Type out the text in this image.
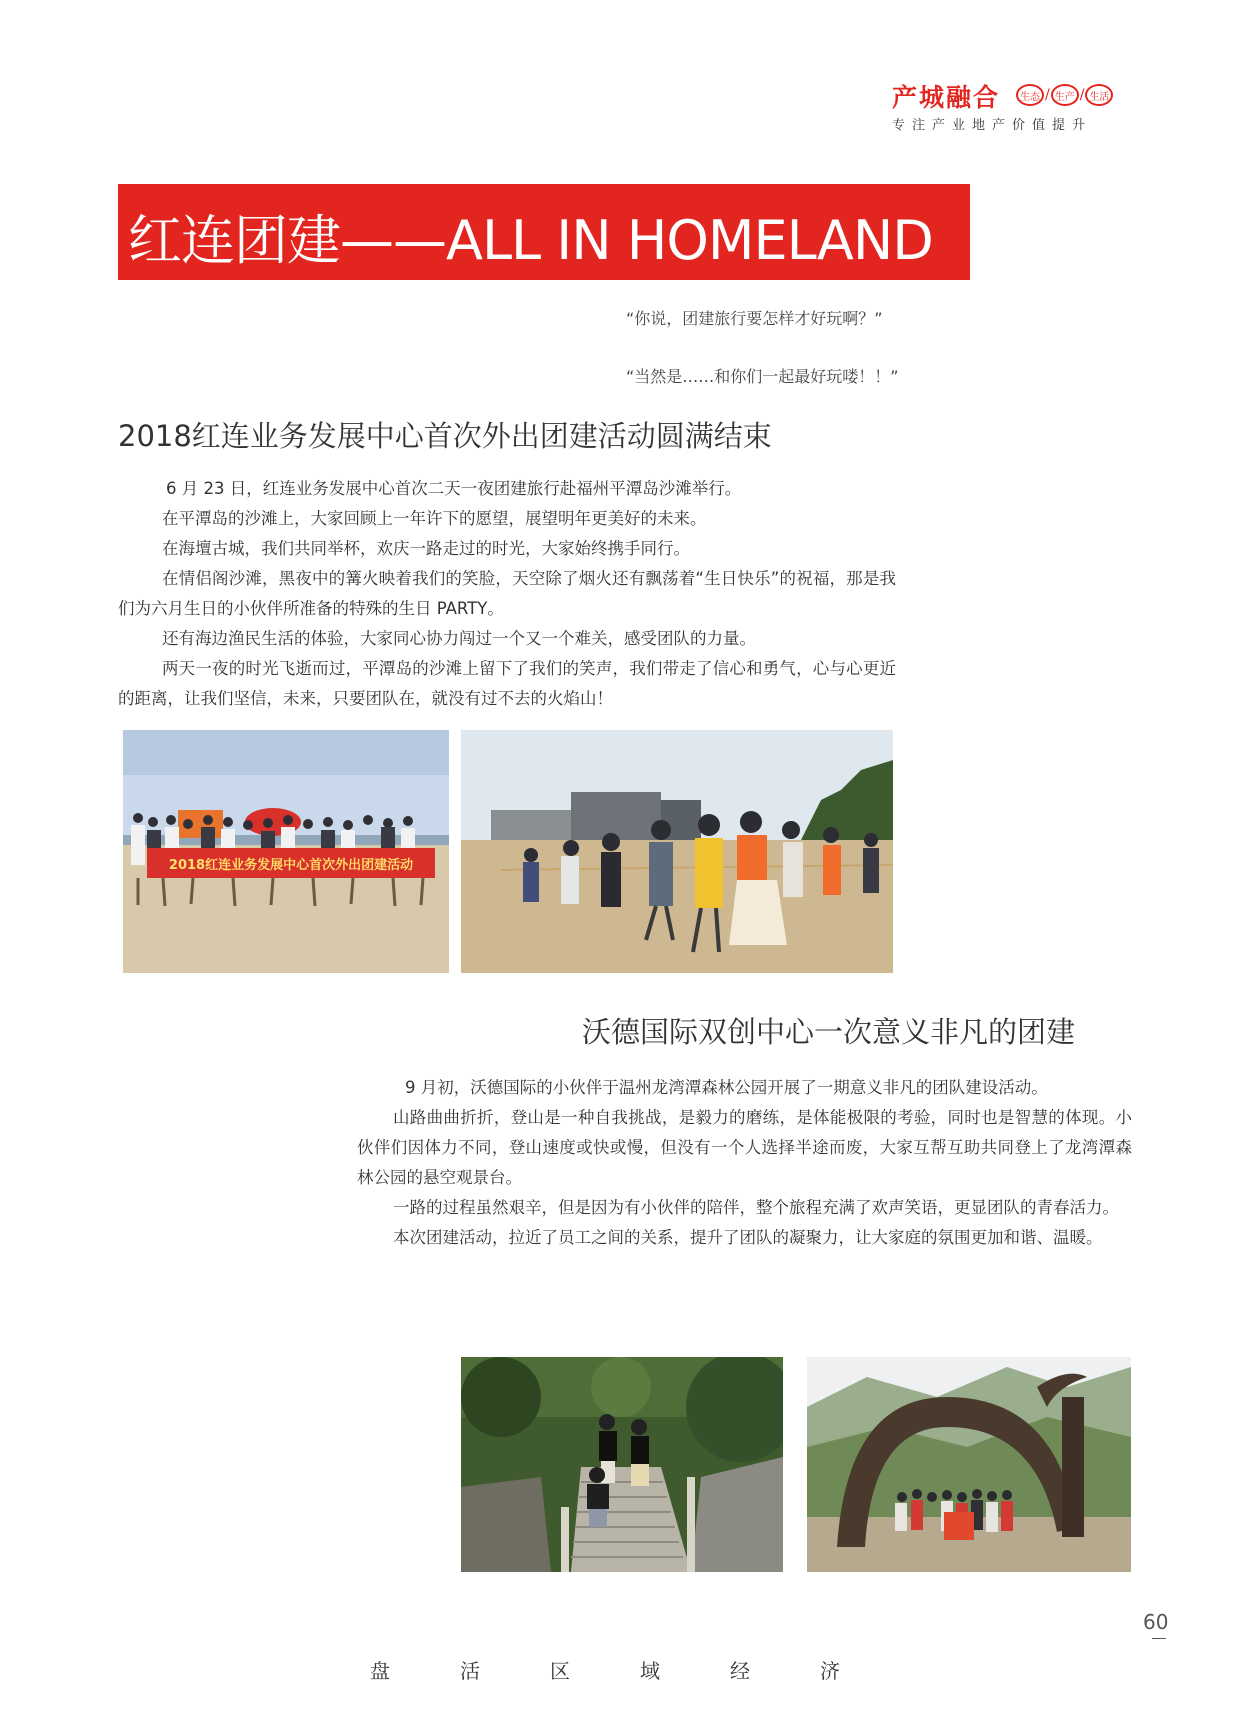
产城融合	生态 / 生产 / 生活
专注产业地产价值提升
红连团建——ALL IN HOMELAND
“你说，团建旅行要怎样才好玩啊？”
“当然是……和你们一起最好玩喽！！”
2018红连业务发展中心首次外出团建活动圆满结束

6 月 23 日，红连业务发展中心首次二天一夜团建旅行赴福州平潭岛沙滩举行。

在平潭岛的沙滩上，大家回顾上一年许下的愿望，展望明年更美好的未来。

在海壇古城，我们共同举杯，欢庆一路走过的时光，大家始终携手同行。

在情侣阁沙滩，黑夜中的篝火映着我们的笑脸，天空除了烟火还有飘荡着“生日快乐”的祝福，那是我们为六月生日的小伙伴所准备的特殊的生日 PARTY。

还有海边渔民生活的体验，大家同心协力闯过一个又一个难关，感受团队的力量。

两天一夜的时光飞逝而过，平潭岛的沙滩上留下了我们的笑声，我们带走了信心和勇气，心与心更近的距离，让我们坚信，未来，只要团队在，就没有过不去的火焰山！

2018红连业务发展中心首次外出团建活动
沃德国际双创中心一次意义非凡的团建

9 月初，沃德国际的小伙伴于温州龙湾潭森林公园开展了一期意义非凡的团队建设活动。

山路曲曲折折，登山是一种自我挑战，是毅力的磨练，是体能极限的考验，同时也是智慧的体现。小伙伴们因体力不同，登山速度或快或慢，但没有一个人选择半途而废，大家互帮互助共同登上了龙湾潭森林公园的悬空观景台。

一路的过程虽然艰辛，但是因为有小伙伴的陪伴，整个旅程充满了欢声笑语，更显团队的青春活力。

本次团建活动，拉近了员工之间的关系，提升了团队的凝聚力，让大家庭的氛围更加和谐、温暖。

60
盘	活	区	域	经	济
